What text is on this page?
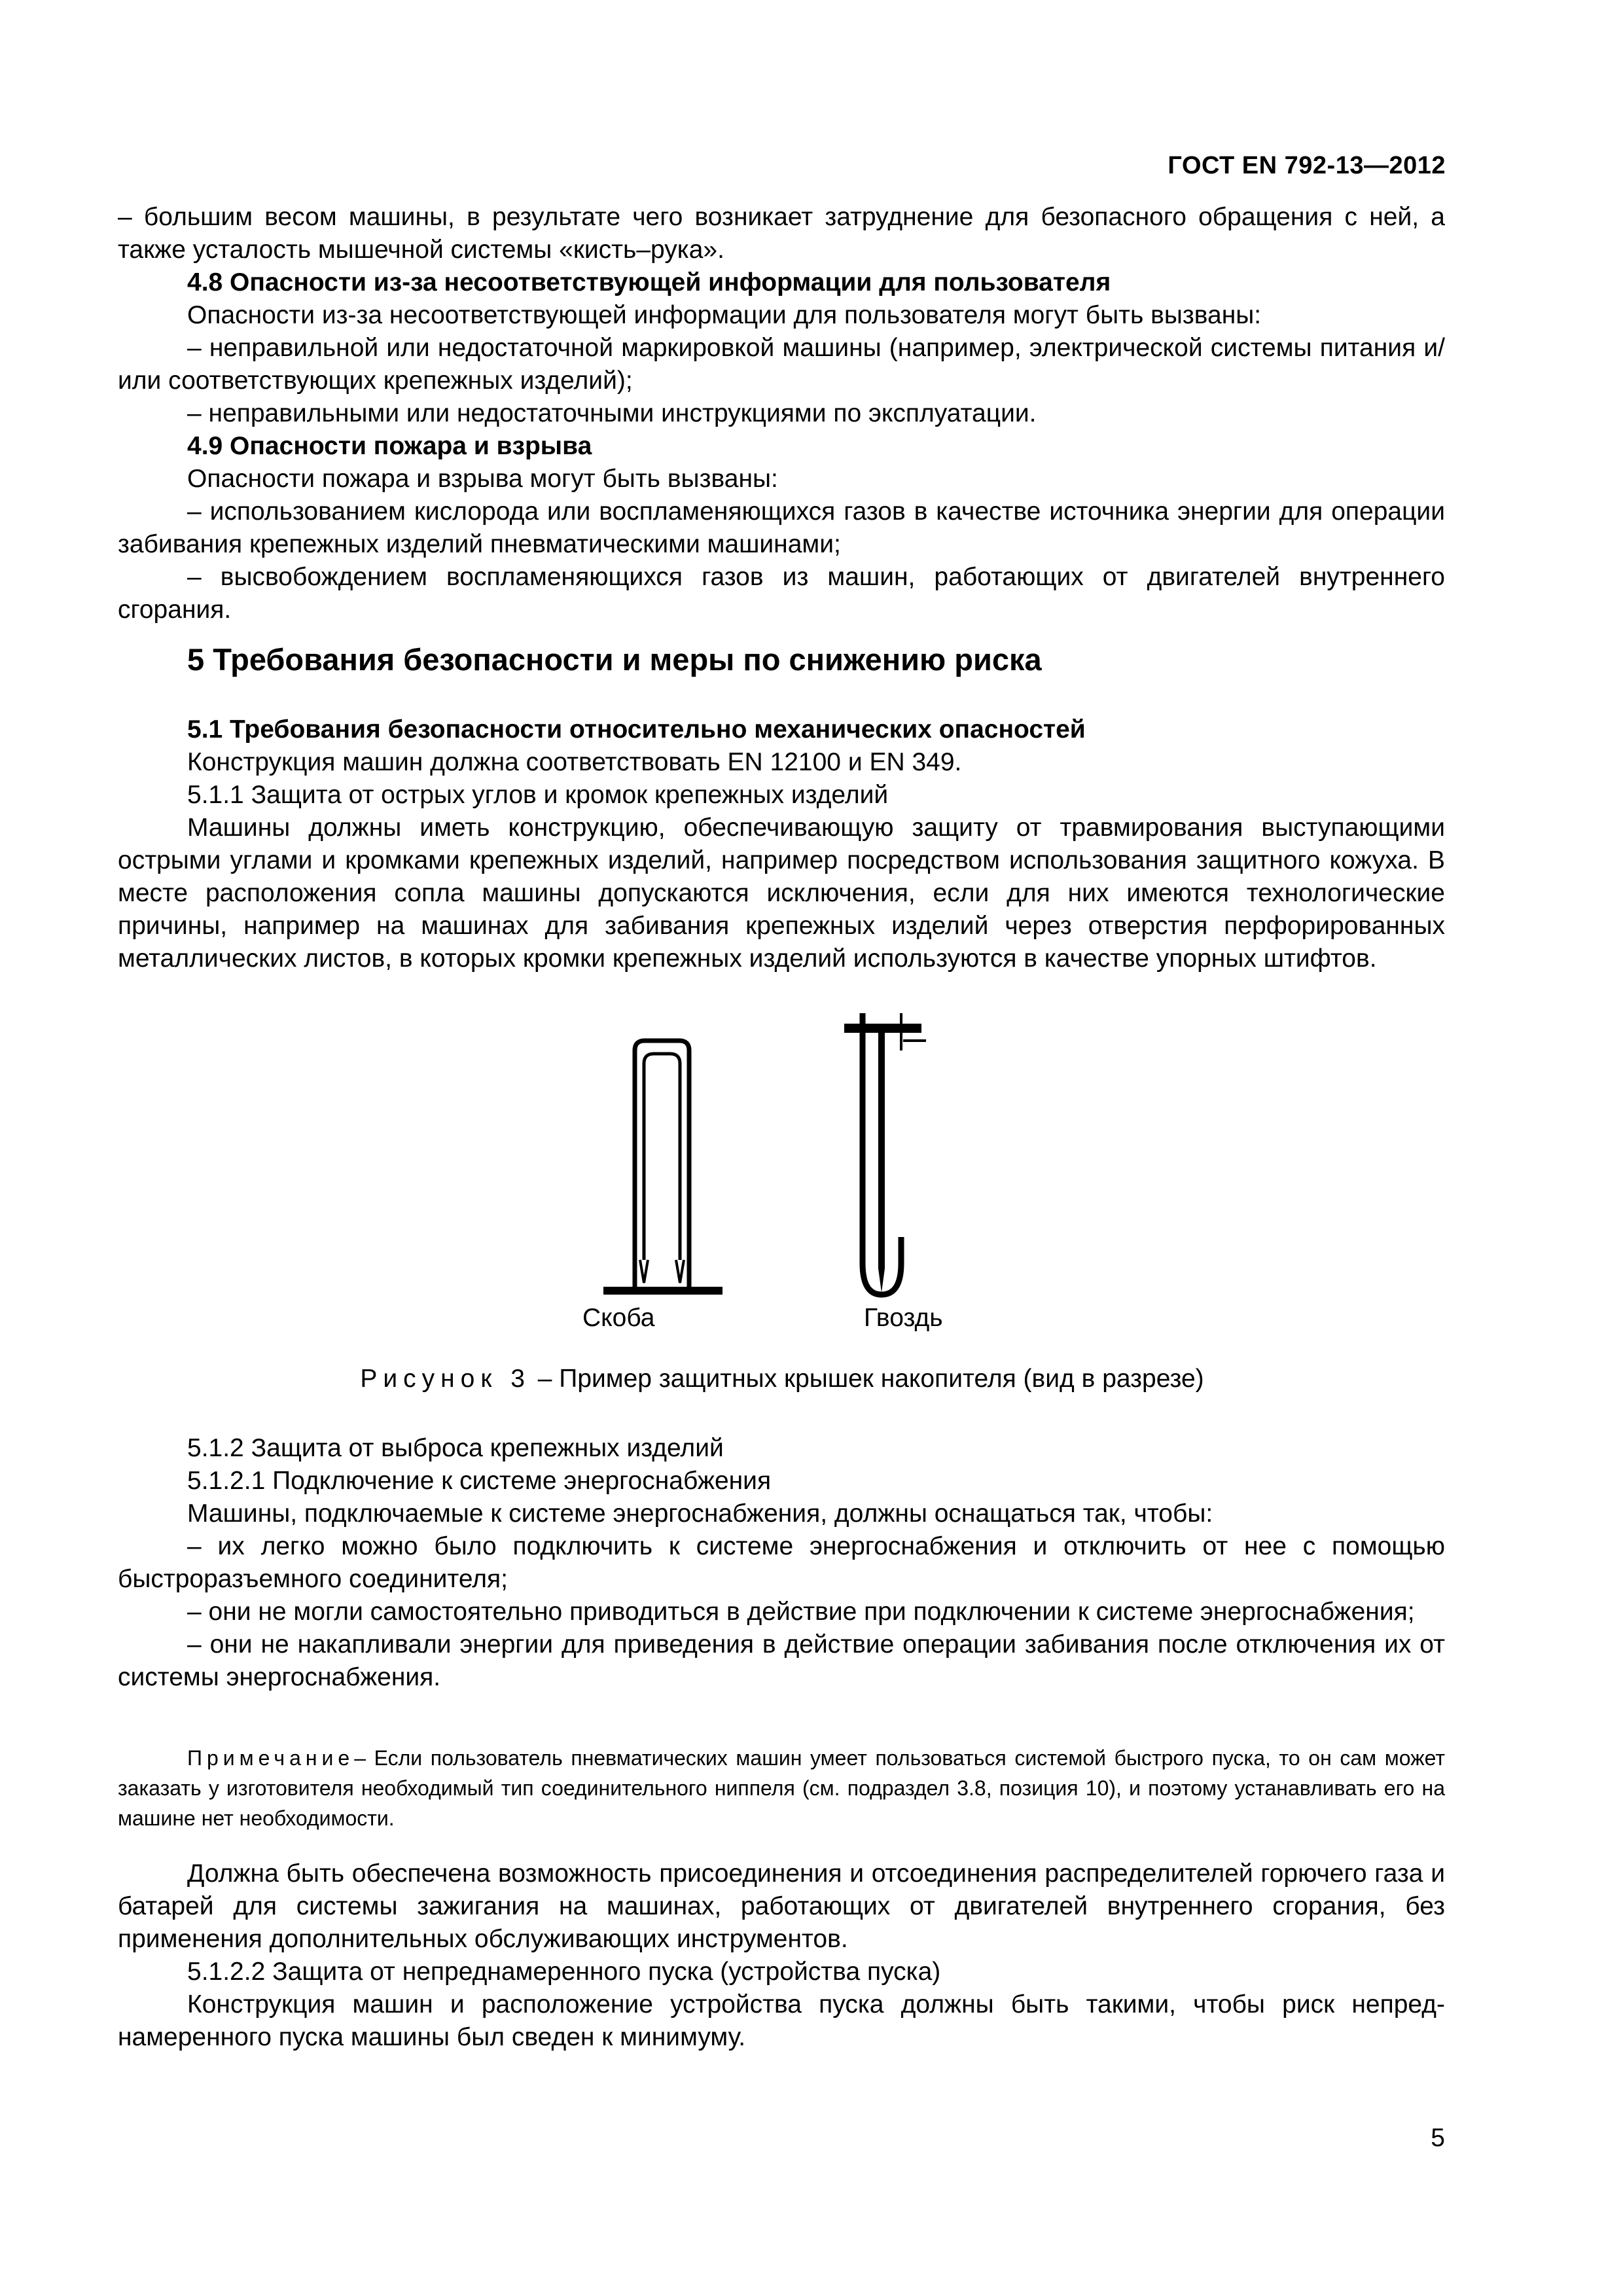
ГОСТ EN 792-13—2012

– большим весом машины, в результате чего возникает затруднение для безопасного обращения с ней, а также усталость мышечной системы «кисть–рука».

4.8 Опасности из-за несоответствующей информации для пользователя

Опасности из-за несоответствующей информации для пользователя могут быть вызваны:

– неправильной или недостаточной маркировкой машины (например, электрической системы питания и/или соответствующих крепежных изделий);

– неправильными или недостаточными инструкциями по эксплуатации.

4.9 Опасности пожара и взрыва

Опасности пожара и взрыва могут быть вызваны:

– использованием кислорода или воспламеняющихся газов в качестве источника энергии для операции забивания крепежных изделий пневматическими машинами;

– высвобождением воспламеняющихся газов из машин, работающих от двигателей внутреннего сгорания.

5 Требования безопасности и меры по снижению риска

5.1 Требования безопасности относительно механических опасностей

Конструкция машин должна соответствовать EN 12100 и EN 349.

5.1.1 Защита от острых углов и кромок крепежных изделий

Машины должны иметь конструкцию, обеспечивающую защиту от травмирования выступающими острыми углами и кромками крепежных изделий, например посредством использования защитного кожуха. В месте расположения сопла машины допускаются исключения, если для них имеются технологические причины, например на машинах для забивания крепежных изделий через отверстия перфорированных металлических листов, в которых кромки крепежных изделий используются в качестве упорных штифтов.

Скоба	Гвоздь
Рисунок 3 – Пример защитных крышек накопителя (вид в разрезе)

5.1.2 Защита от выброса крепежных изделий

5.1.2.1 Подключение к системе энергоснабжения

Машины, подключаемые к системе энергоснабжения, должны оснащаться так, чтобы:

– их легко можно было подключить к системе энергоснабжения и отключить от нее с помощью быстроразъемного соединителя;

– они не могли самостоятельно приводиться в действие при подключении к системе энергоснабжения;

– они не накапливали энергии для приведения в действие операции забивания после отключения их от системы энергоснабжения.

Примечание– Если пользователь пневматических машин умеет пользоваться системой быстрого пуска, то он сам может заказать у изготовителя необходимый тип соединительного ниппеля (см. подраздел 3.8, позиция 10), и поэтому устанавливать его на машине нет необходимости.

Должна быть обеспечена возможность присоединения и отсоединения распределителей горючего газа и батарей для системы зажигания на машинах, работающих от двигателей внутреннего сгорания, без применения дополнительных обслуживающих инструментов.

5.1.2.2 Защита от непреднамеренного пуска (устройства пуска)

Конструкция машин и расположение устройства пуска должны быть такими, чтобы риск непреднамеренного пуска машины был сведен к минимуму.

5
